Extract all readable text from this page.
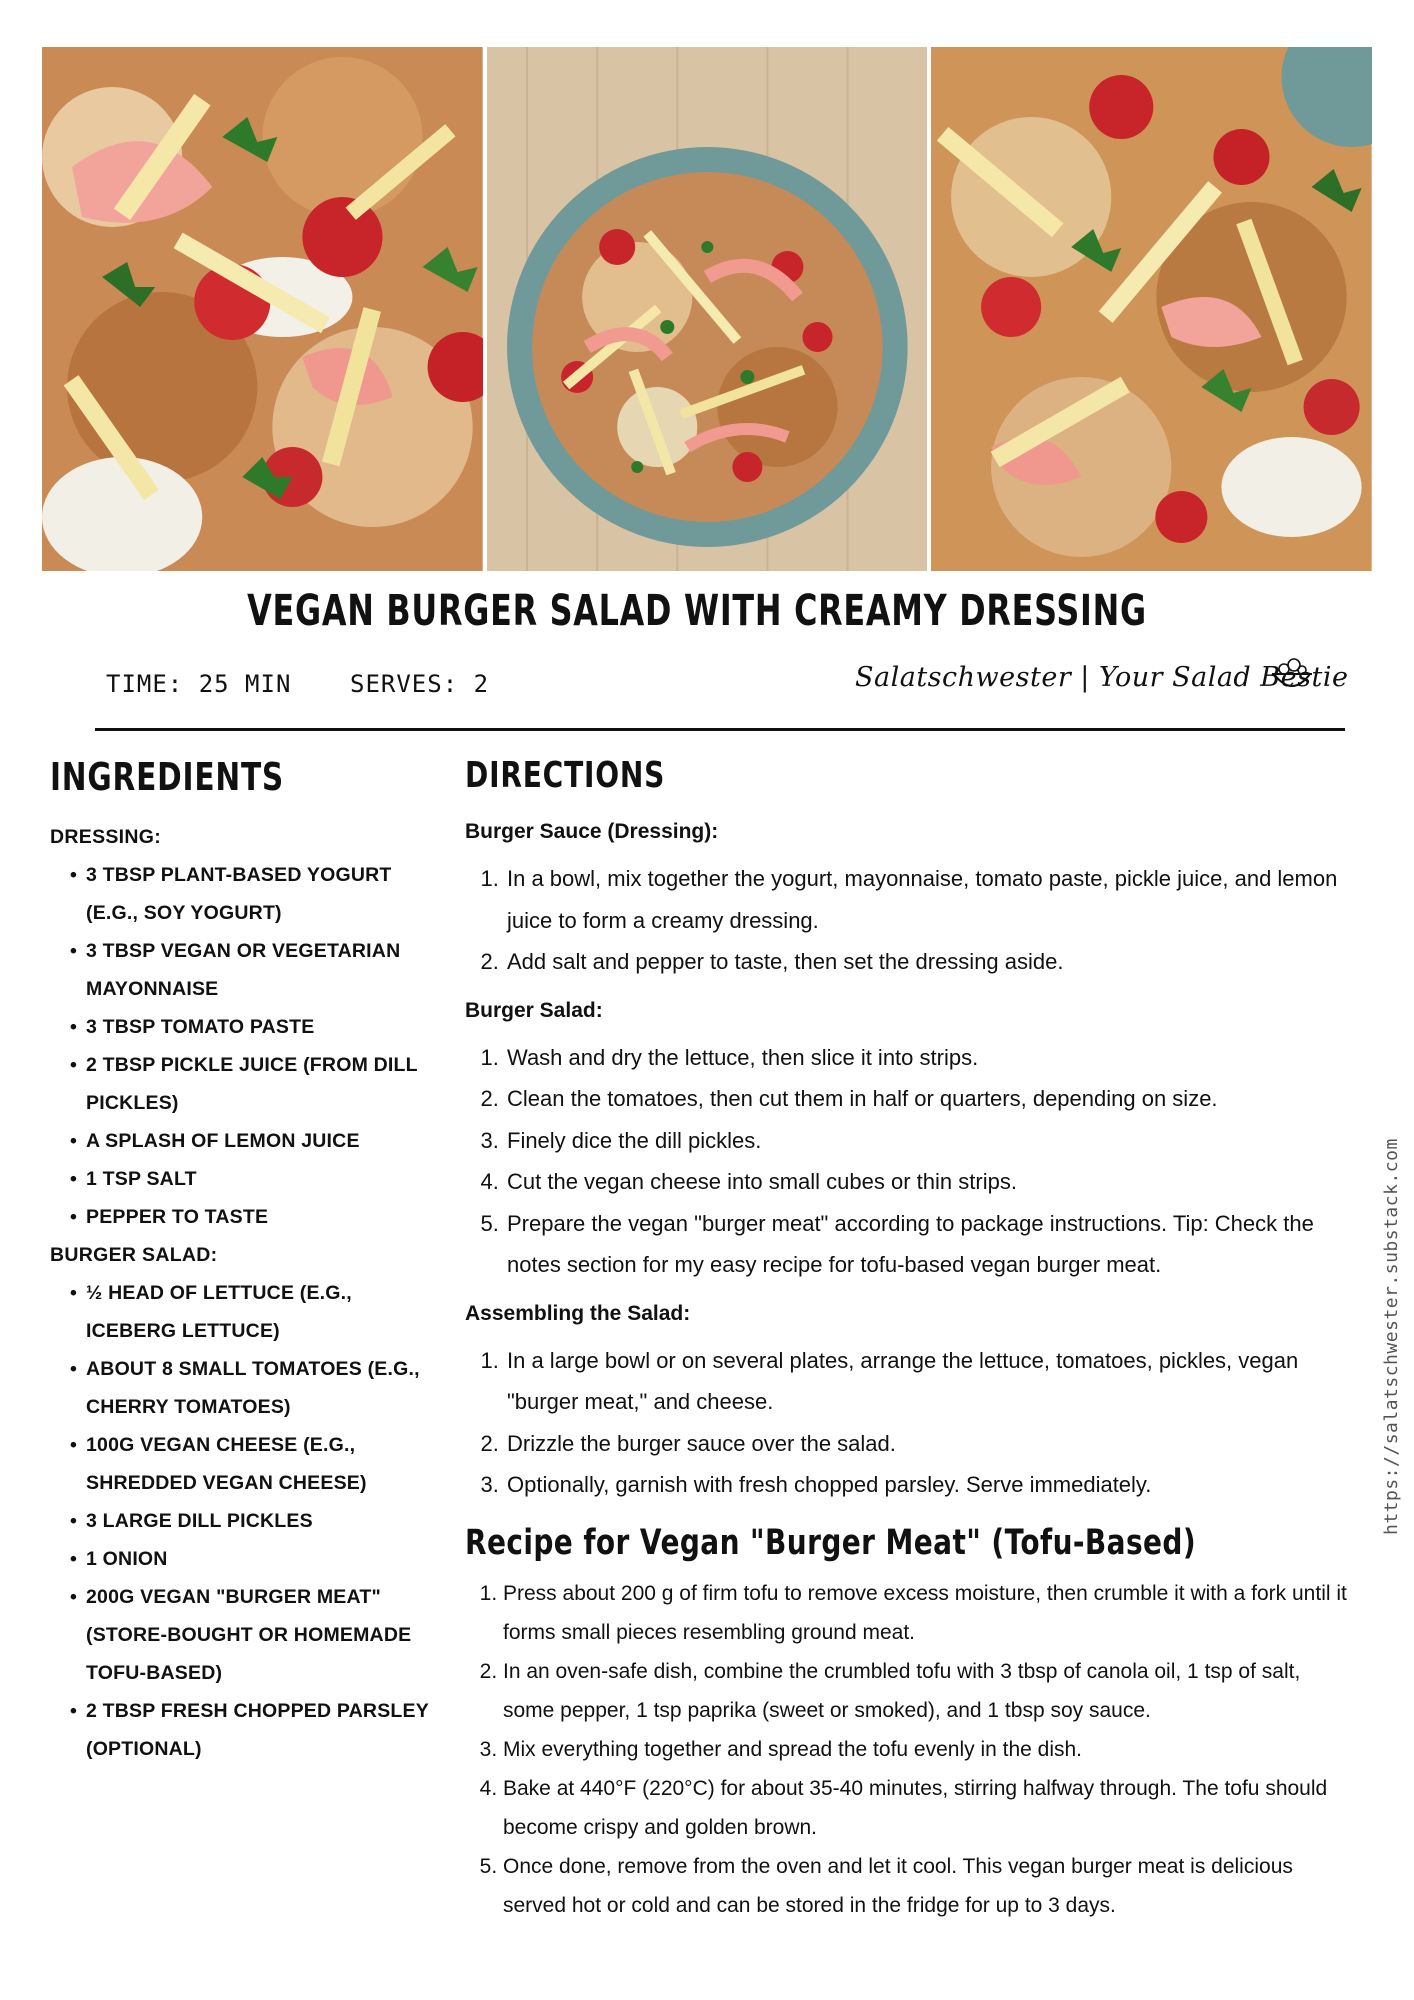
VEGAN BURGER SALAD WITH CREAMY DRESSING
TIME: 25 MIN SERVES: 2	Salatschwester | Your Salad Bestie
INGREDIENTS
DRESSING:
• 3 TBSP PLANT-BASED YOGURT (E.G., SOY YOGURT)
• 3 TBSP VEGAN OR VEGETARIAN MAYONNAISE
• 3 TBSP TOMATO PASTE
• 2 TBSP PICKLE JUICE (FROM DILL PICKLES)
• A SPLASH OF LEMON JUICE
• 1 TSP SALT
• PEPPER TO TASTE
BURGER SALAD:
• ½ HEAD OF LETTUCE (E.G., ICEBERG LETTUCE)
• ABOUT 8 SMALL TOMATOES (E.G., CHERRY TOMATOES)
• 100G VEGAN CHEESE (E.G., SHREDDED VEGAN CHEESE)
• 3 LARGE DILL PICKLES
• 1 ONION
• 200G VEGAN "BURGER MEAT" (STORE-BOUGHT OR HOMEMADE TOFU-BASED)
• 2 TBSP FRESH CHOPPED PARSLEY (OPTIONAL)
DIRECTIONS
Burger Sauce (Dressing):
1. In a bowl, mix together the yogurt, mayonnaise, tomato paste, pickle juice, and lemon juice to form a creamy dressing.
2. Add salt and pepper to taste, then set the dressing aside.
Burger Salad:
1. Wash and dry the lettuce, then slice it into strips.
2. Clean the tomatoes, then cut them in half or quarters, depending on size.
3. Finely dice the dill pickles.
4. Cut the vegan cheese into small cubes or thin strips.
5. Prepare the vegan "burger meat" according to package instructions. Tip: Check the notes section for my easy recipe for tofu-based vegan burger meat.
Assembling the Salad:
1. In a large bowl or on several plates, arrange the lettuce, tomatoes, pickles, vegan "burger meat," and cheese.
2. Drizzle the burger sauce over the salad.
3. Optionally, garnish with fresh chopped parsley. Serve immediately.
Recipe for Vegan "Burger Meat" (Tofu-Based)
1. Press about 200 g of firm tofu to remove excess moisture, then crumble it with a fork until it forms small pieces resembling ground meat.
2. In an oven-safe dish, combine the crumbled tofu with 3 tbsp of canola oil, 1 tsp of salt, some pepper, 1 tsp paprika (sweet or smoked), and 1 tbsp soy sauce.
3. Mix everything together and spread the tofu evenly in the dish.
4. Bake at 440°F (220°C) for about 35-40 minutes, stirring halfway through. The tofu should become crispy and golden brown.
5. Once done, remove from the oven and let it cool. This vegan burger meat is delicious served hot or cold and can be stored in the fridge for up to 3 days.
https://salatschwester.substack.com
